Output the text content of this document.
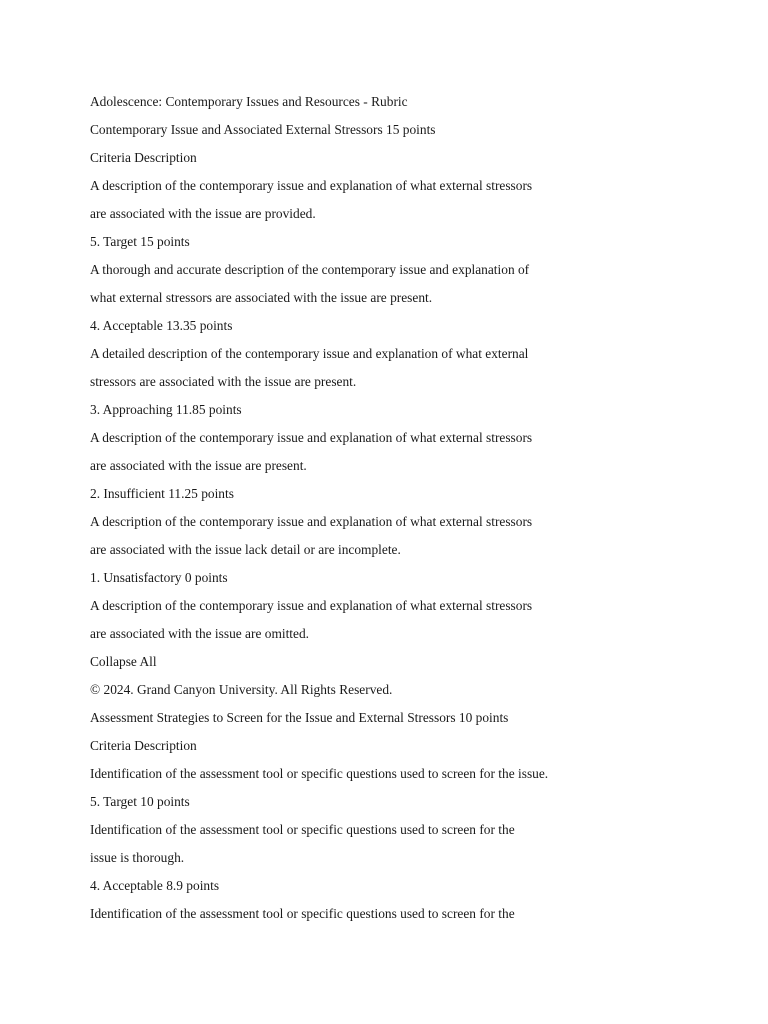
Adolescence: Contemporary Issues and Resources - Rubric

Contemporary Issue and Associated External Stressors 15 points

Criteria Description

A description of the contemporary issue and explanation of what external stressors

are associated with the issue are provided.

5. Target 15 points

A thorough and accurate description of the contemporary issue and explanation of

what external stressors are associated with the issue are present.

4. Acceptable 13.35 points

A detailed description of the contemporary issue and explanation of what external

stressors are associated with the issue are present.

3. Approaching 11.85 points

A description of the contemporary issue and explanation of what external stressors

are associated with the issue are present.

2. Insufficient 11.25 points

A description of the contemporary issue and explanation of what external stressors

are associated with the issue lack detail or are incomplete.

1. Unsatisfactory 0 points

A description of the contemporary issue and explanation of what external stressors

are associated with the issue are omitted.

Collapse All

© 2024. Grand Canyon University. All Rights Reserved.

Assessment Strategies to Screen for the Issue and External Stressors 10 points

Criteria Description

Identification of the assessment tool or specific questions used to screen for the issue.

5. Target 10 points

Identification of the assessment tool or specific questions used to screen for the

issue is thorough.

4. Acceptable 8.9 points

Identification of the assessment tool or specific questions used to screen for the
